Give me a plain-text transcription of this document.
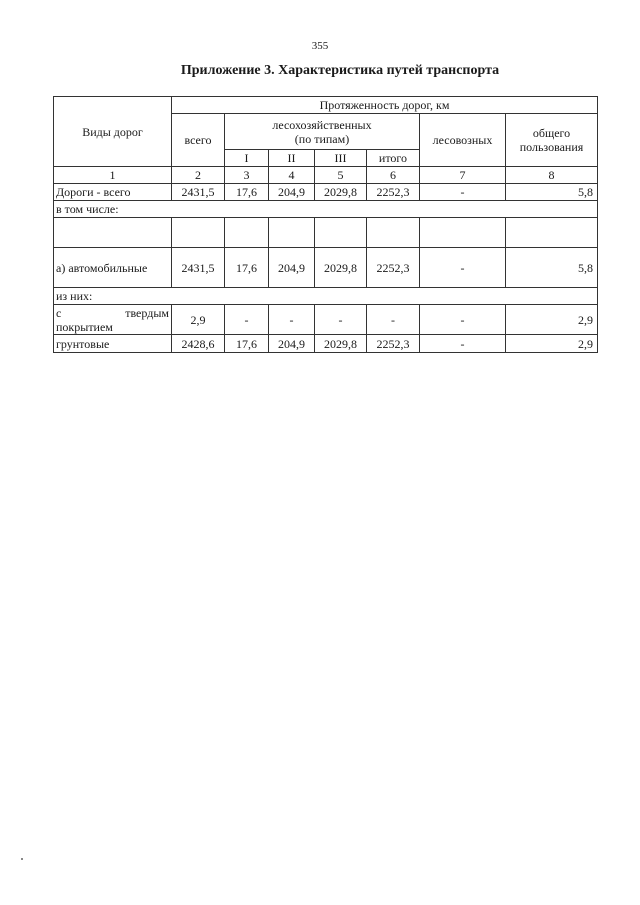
355
Приложение 3. Характеристика путей транспорта
Виды дорог	Протяженность дорог, км						
	всего	лесохозяйственных
(по типам)				лесовозных	общего пользования
		I	II	III	итого		
1	2	3	4	5	6	7	8
Дороги - всего	2431,5	17,6	204,9	2029,8	2252,3	-	5,8
в том числе:							

а) автомобильные	2431,5	17,6	204,9	2029,8	2252,3	-	5,8
из них:							

с твердым
покрытием	2,9	-	-	-	-	-	2,9
грунтовые	2428,6	17,6	204,9	2029,8	2252,3	-	2,9
